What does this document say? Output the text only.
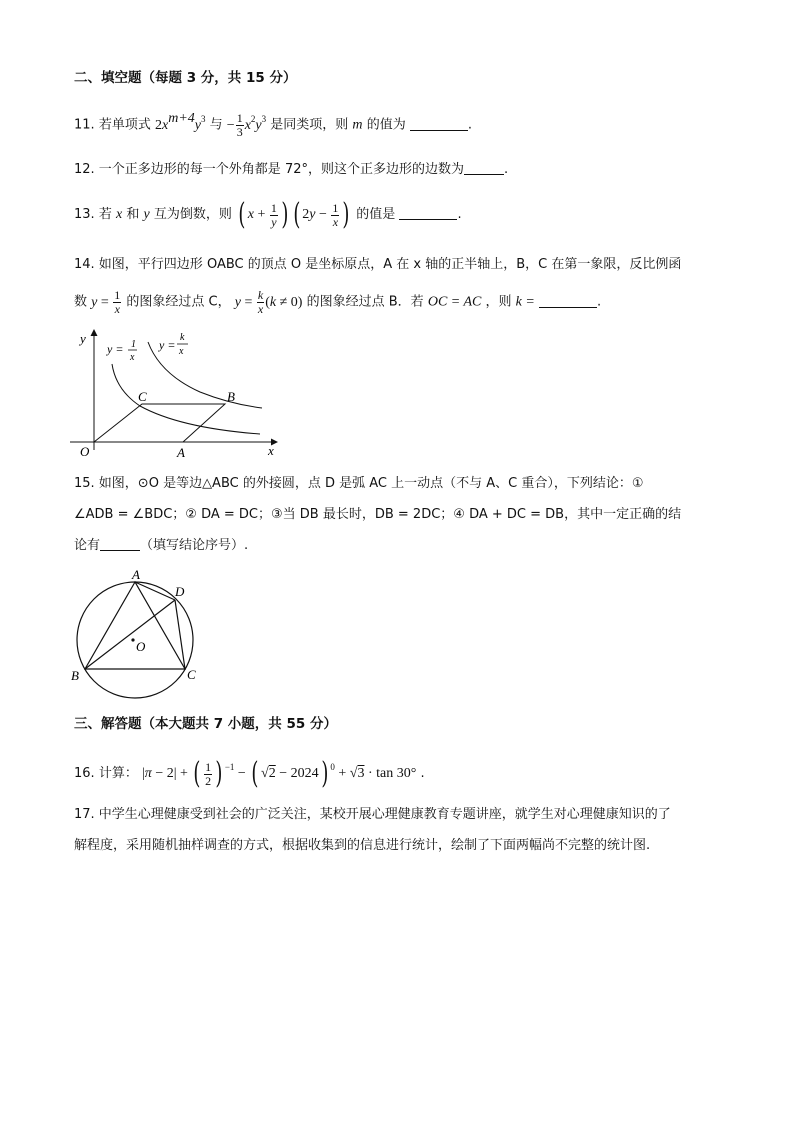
二、填空题（每题 3 分，共 15 分）
11. 若单项式 $2x^{m+4}y^3$ 与 − $\frac{1}{3} x^2y^3$ 是同类项，则 m 的值为	.
12. 一个正多边形的每一个外角都是 72°，则这个正多边形的边数为	.
13. 若 x 和 y 互为倒数，则 ( $x + \frac{1}{y}$ ) ( $2y - \frac{1}{x}$ ) 的值是	.
14. 如图，平行四边形 OABC 的顶点 O 是坐标原点，A 在 x 轴的正半轴上，B，C 在第一象限，反比例函
数 $y = \frac{1}{x}$ 的图象经过点 C， $y = \frac{k}{x} (k \ne 0)$ 的图象经过点 B．若 OC = AC ，则 k =	.
y
x
O	A
B
C
y = 1
x
y =
k
x
15. 如图，⊙O 是等边△ABC 的外接圆，点 D 是弧 AC 上一动点（不与 A、C 重合），下列结论：①
∠ADB = ∠BDC；② DA = DC；③当 DB 最长时，DB = 2DC；④ DA + DC = DB，其中一定正确的结
论有	（填写结论序号）.
A
B	C
D
O
三、解答题（本大题共 7 小题，共 55 分）
16. 计算： |π − 2| + ( $\frac{1}{2}$ ) $^{-1}$ − ( √2 − 2024) $^0$ + √3 · tan 30° .
17. 中学生心理健康受到社会的广泛关注，某校开展心理健康教育专题讲座，就学生对心理健康知识的了
解程度，采用随机抽样调查的方式，根据收集到的信息进行统计，绘制了下面两幅尚不完整的统计图.
